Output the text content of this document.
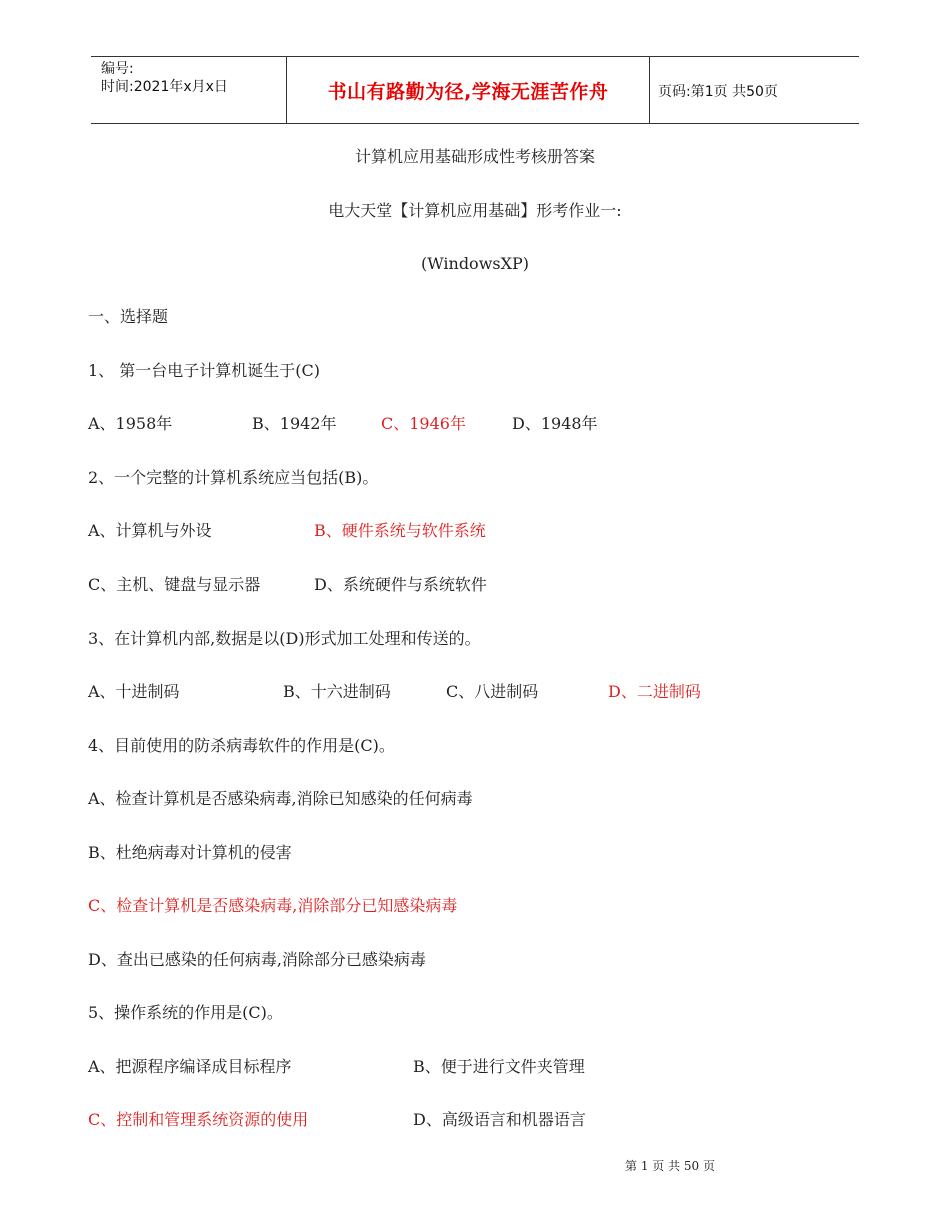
编号:
时间:2021年x月x日	书山有路勤为径,学海无涯苦作舟	页码:第1页 共50页
计算机应用基础形成性考核册答案
电大天堂【计算机应用基础】形考作业一:
(WindowsXP)
一、选择题
1、 第一台电子计算机诞生于(C)
A、1958年	B、1942年	C、1946年	D、1948年
2、一个完整的计算机系统应当包括(B)。
A、计算机与外设	B、硬件系统与软件系统
C、主机、键盘与显示器	D、系统硬件与系统软件
3、在计算机内部,数据是以(D)形式加工处理和传送的。
A、十进制码	B、十六进制码	C、八进制码	D、二进制码
4、目前使用的防杀病毒软件的作用是(C)。
A、检查计算机是否感染病毒,消除已知感染的任何病毒
B、杜绝病毒对计算机的侵害
C、检查计算机是否感染病毒,消除部分已知感染病毒
D、查出已感染的任何病毒,消除部分已感染病毒
5、操作系统的作用是(C)。
A、把源程序编译成目标程序	B、便于进行文件夹管理
C、控制和管理系统资源的使用	D、高级语言和机器语言
第 1 页 共 50 页
